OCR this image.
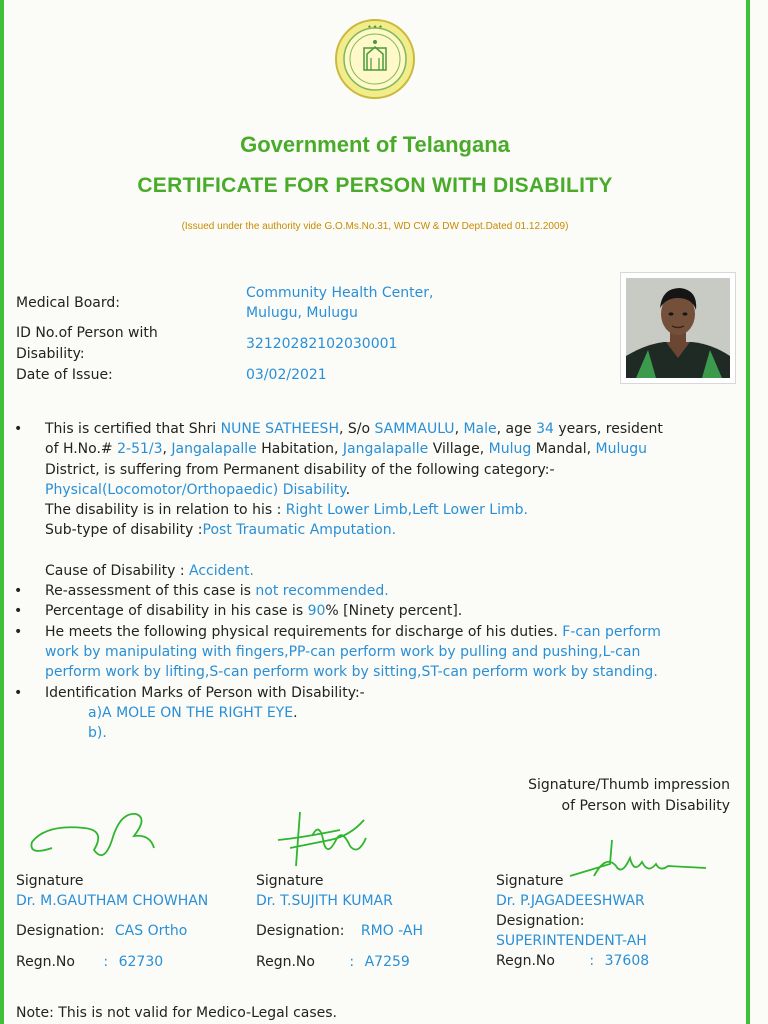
★ ★ ★
Government of Telangana
CERTIFICATE FOR PERSON WITH DISABILITY
(Issued under the authority vide G.O.Ms.No.31, WD CW & DW Dept.Dated 01.12.2009)
Medical Board:
Community Health Center,
Mulugu, Mulugu
ID No.of Person with
Disability:
32120282102030001
Date of Issue:	03/02/2021
• This is certified that Shri NUNE SATHEESH, S/o SAMMAULU, Male, age 34 years, resident
of H.No.# 2-51/3, Jangalapalle Habitation, Jangalapalle Village, Mulug Mandal, Mulugu
District, is suffering from Permanent disability of the following category:-
Physical(Locomotor/Orthopaedic) Disability.
The disability is in relation to his : Right Lower Limb,Left Lower Limb.
Sub-type of disability :Post Traumatic Amputation.
Cause of Disability : Accident.
• Re-assessment of this case is not recommended.
• Percentage of disability in his case is 90% [Ninety percent].
• He meets the following physical requirements for discharge of his duties. F-can perform
work by manipulating with fingers,PP-can perform work by pulling and pushing,L-can
perform work by lifting,S-can perform work by sitting,ST-can perform work by standing.
• Identification Marks of Person with Disability:-
a)A MOLE ON THE RIGHT EYE.
b).
Signature/Thumb impression
of Person with Disability
Signature
Dr. M.GAUTHAM CHOWHAN
Designation: CAS Ortho
Regn.No : 62730
Signature
Dr. T.SUJITH KUMAR
Designation: RMO -AH
Regn.No : A7259
Signature
Dr. P.JAGADEESHWAR
Designation:
SUPERINTENDENT-AH
Regn.No : 37608
Note: This is not valid for Medico-Legal cases.
